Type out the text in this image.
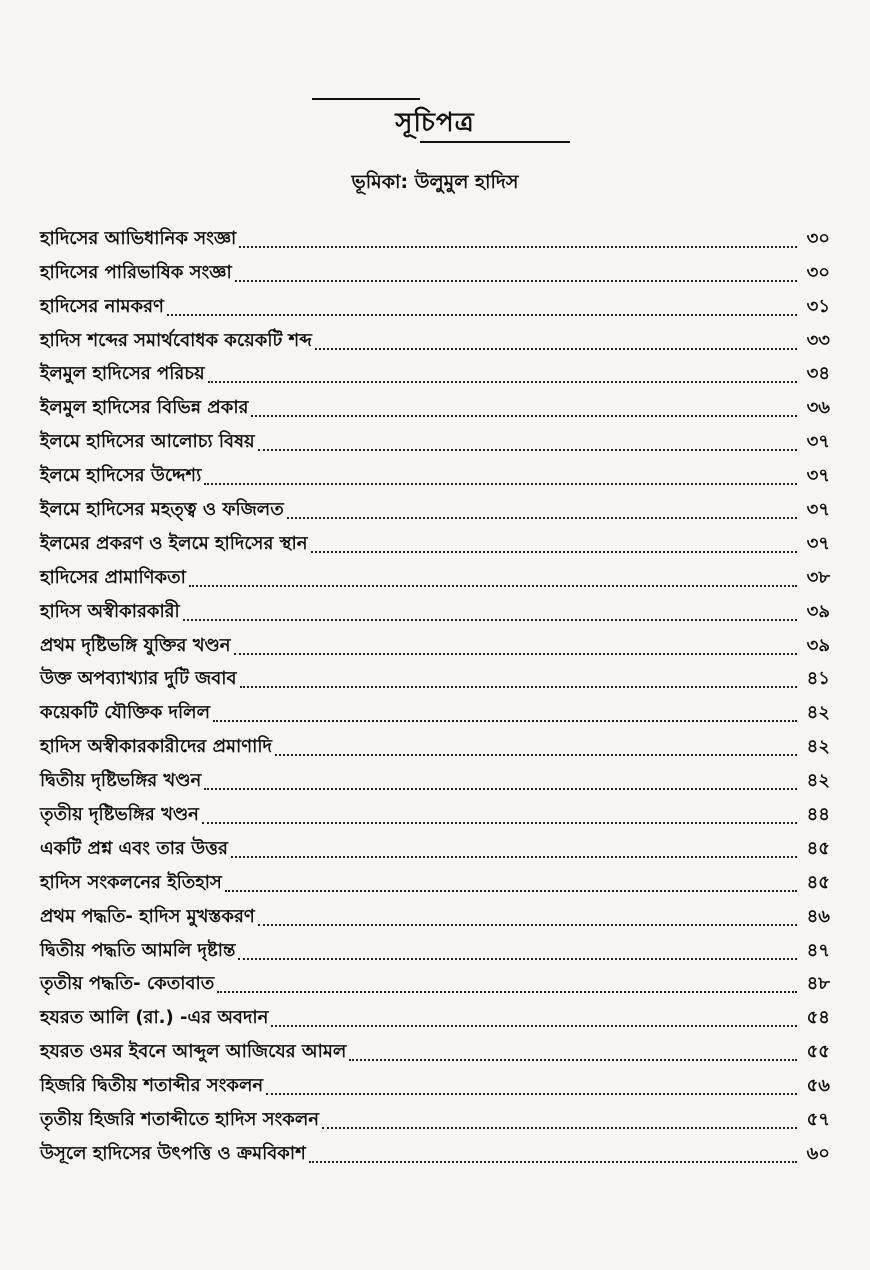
সূচিপত্র
ভূমিকা: উলুমুল হাদিস
হাদিসের আভিধানিক সংজ্ঞা	৩০
হাদিসের পারিভাষিক সংজ্ঞা	৩০
হাদিসের নামকরণ	৩১
হাদিস শব্দের সমার্থবোধক কয়েকটি শব্দ	৩৩
ইলমুল হাদিসের পরিচয়	৩৪
ইলমুল হাদিসের বিভিন্ন প্রকার	৩৬
ইলমে হাদিসের আলোচ্য বিষয়	৩৭
ইলমে হাদিসের উদ্দেশ্য	৩৭
ইলমে হাদিসের মহত্ত্ব ও ফজিলত	৩৭
ইলমের প্রকরণ ও ইলমে হাদিসের স্থান	৩৭
হাদিসের প্রামাণিকতা	৩৮
হাদিস অস্বীকারকারী	৩৯
প্রথম দৃষ্টিভঙ্গি যুক্তির খণ্ডন	৩৯
উক্ত অপব্যাখ্যার দুটি জবাব	৪১
কয়েকটি যৌক্তিক দলিল	৪২
হাদিস অস্বীকারকারীদের প্রমাণাদি	৪২
দ্বিতীয় দৃষ্টিভঙ্গির খণ্ডন	৪২
তৃতীয় দৃষ্টিভঙ্গির খণ্ডন	৪৪
একটি প্রশ্ন এবং তার উত্তর	৪৫
হাদিস সংকলনের ইতিহাস	৪৫
প্রথম পদ্ধতি- হাদিস মুখস্তকরণ	৪৬
দ্বিতীয় পদ্ধতি আমলি দৃষ্টান্ত	৪৭
তৃতীয় পদ্ধতি- কেতাবাত	৪৮
হযরত আলি (রা.) -এর অবদান	৫৪
হযরত ওমর ইবনে আব্দুল আজিযের আমল	৫৫
হিজরি দ্বিতীয় শতাব্দীর সংকলন	৫৬
তৃতীয় হিজরি শতাব্দীতে হাদিস সংকলন	৫৭
উসূলে হাদিসের উৎপত্তি ও ক্রমবিকাশ	৬০
